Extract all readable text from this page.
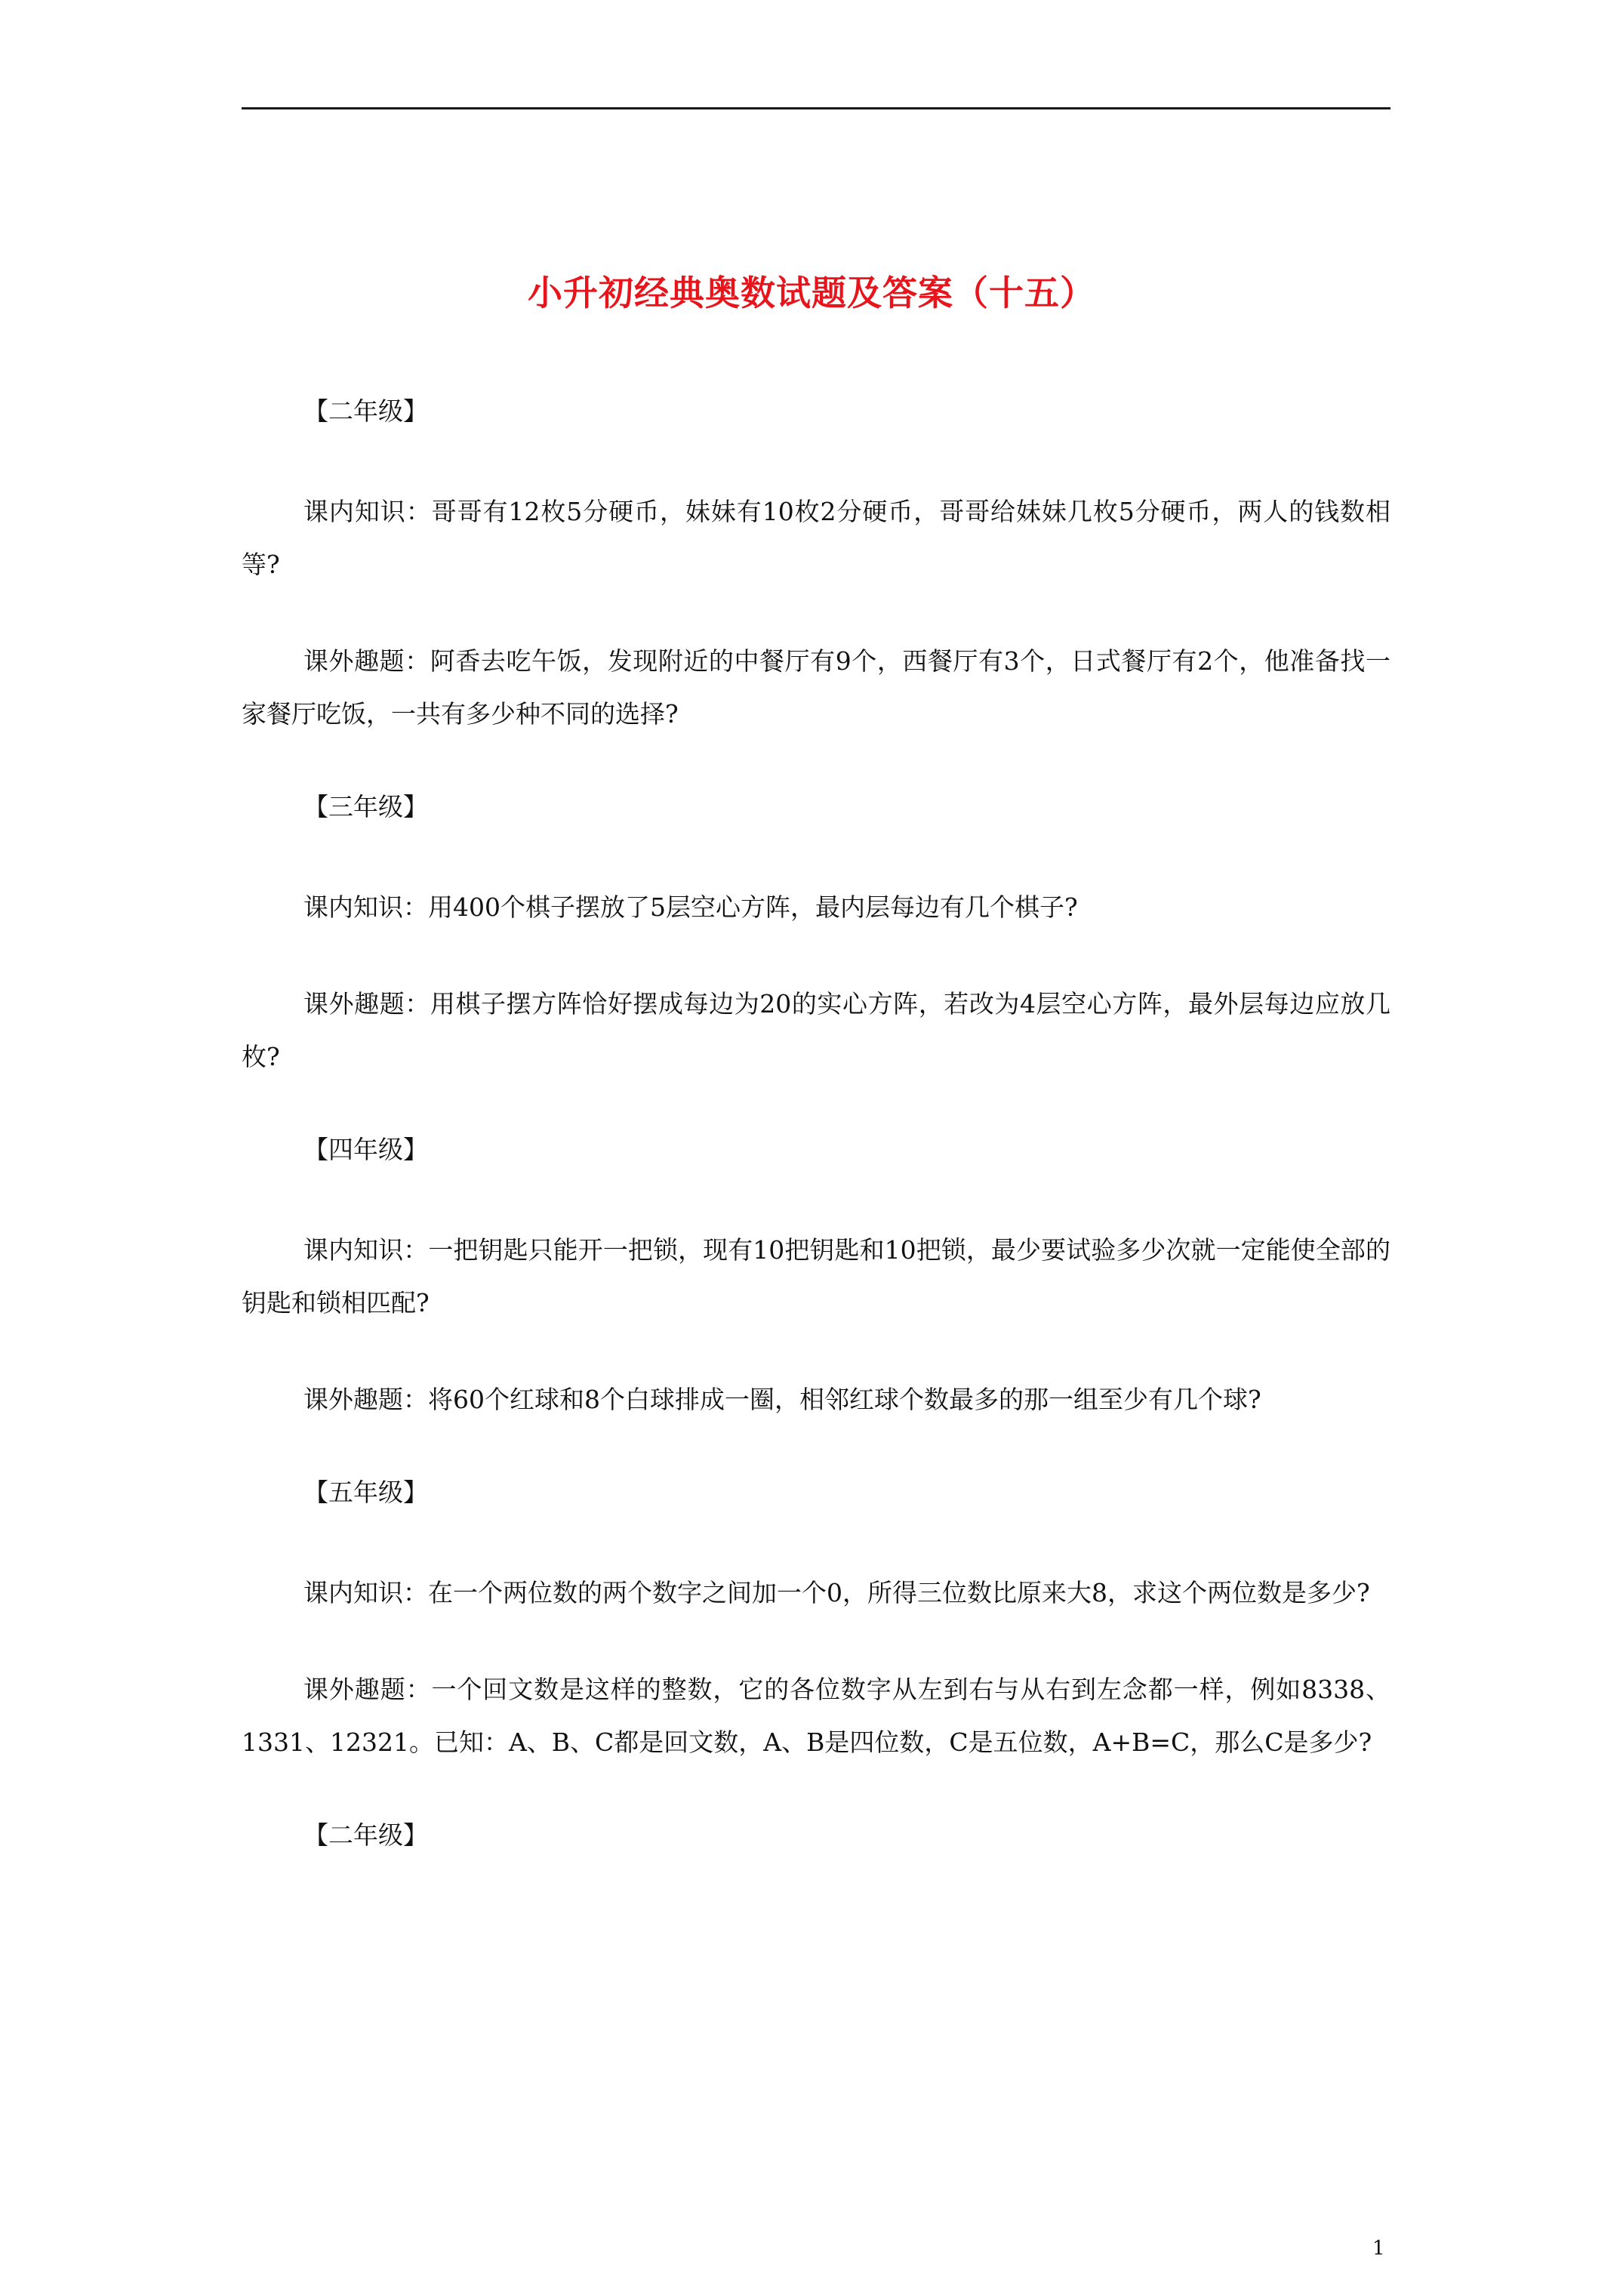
小升初经典奥数试题及答案（十五）

【二年级】

课内知识：哥哥有12枚5分硬币，妹妹有10枚2分硬币，哥哥给妹妹几枚5分硬币，两人的钱数相等?

课外趣题：阿香去吃午饭，发现附近的中餐厅有9个，西餐厅有3个，日式餐厅有2个，他准备找一家餐厅吃饭，一共有多少种不同的选择?

【三年级】

课内知识：用400个棋子摆放了5层空心方阵，最内层每边有几个棋子?

课外趣题：用棋子摆方阵恰好摆成每边为20的实心方阵，若改为4层空心方阵，最外层每边应放几枚?

【四年级】

课内知识：一把钥匙只能开一把锁，现有10把钥匙和10把锁，最少要试验多少次就一定能使全部的钥匙和锁相匹配?

课外趣题：将60个红球和8个白球排成一圈，相邻红球个数最多的那一组至少有几个球?

【五年级】

课内知识：在一个两位数的两个数字之间加一个0，所得三位数比原来大8，求这个两位数是多少?

课外趣题：一个回文数是这样的整数，它的各位数字从左到右与从右到左念都一样，例如8338、1331、12321。已知：A、B、C都是回文数，A、B是四位数，C是五位数，A+B=C，那么C是多少?

【二年级】

1
